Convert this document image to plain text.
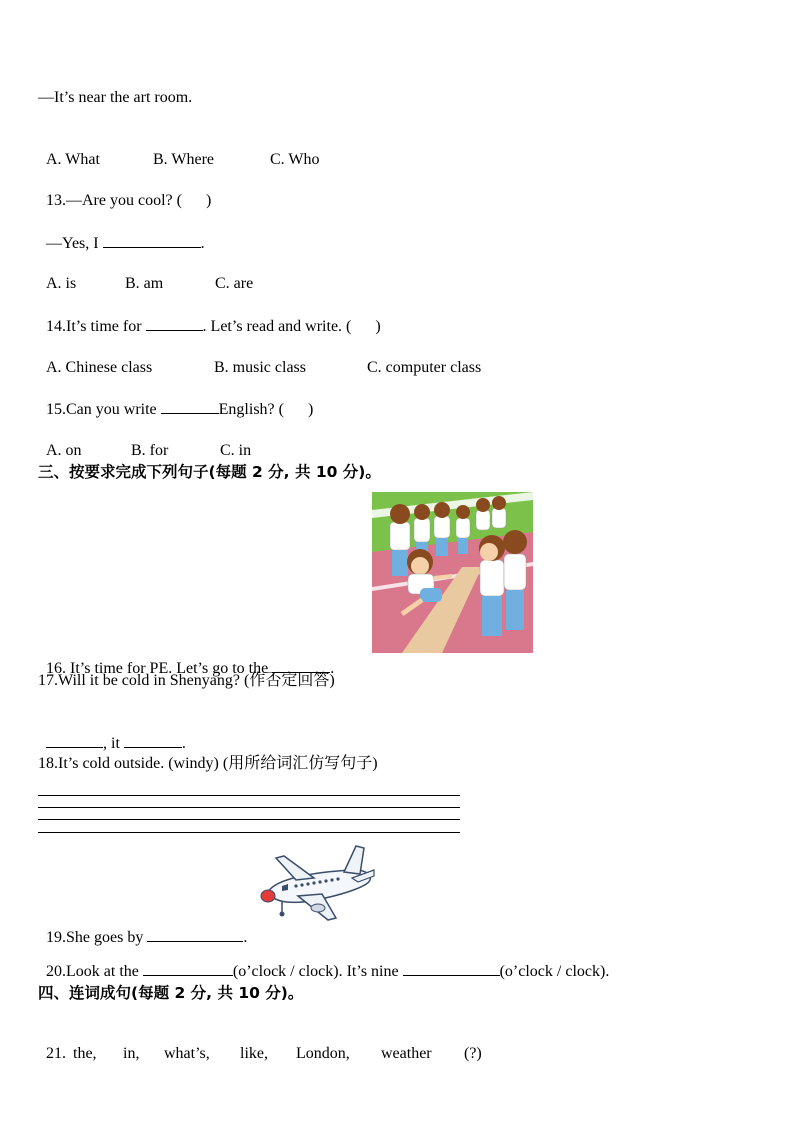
—It’s near the art room.

A. What	B. Where	C. Who

13.—Are you cool? (      )

—Yes, I	.

A. is	B. am	C. are

14.It’s time for	. Let’s read and write. (      )

A. Chinese class	B. music class	C. computer class

15.Can you write	English? (      )

A. on	B. for	C. in

三、按要求完成下列句子(每题 2 分, 共 10 分)。

16. It’s time for PE. Let’s go to the	.

17.Will it be cold in Shenyang? (作否定回答)

, it	.

18.It’s cold outside. (windy) (用所给词汇仿写句子)

19.She goes by	.

20.Look at the	(o’clock / clock). It’s nine	(o’clock / clock).

四、连词成句(每题 2 分, 共 10 分)。

21. the, in, what’s, like, London, weather (?)
